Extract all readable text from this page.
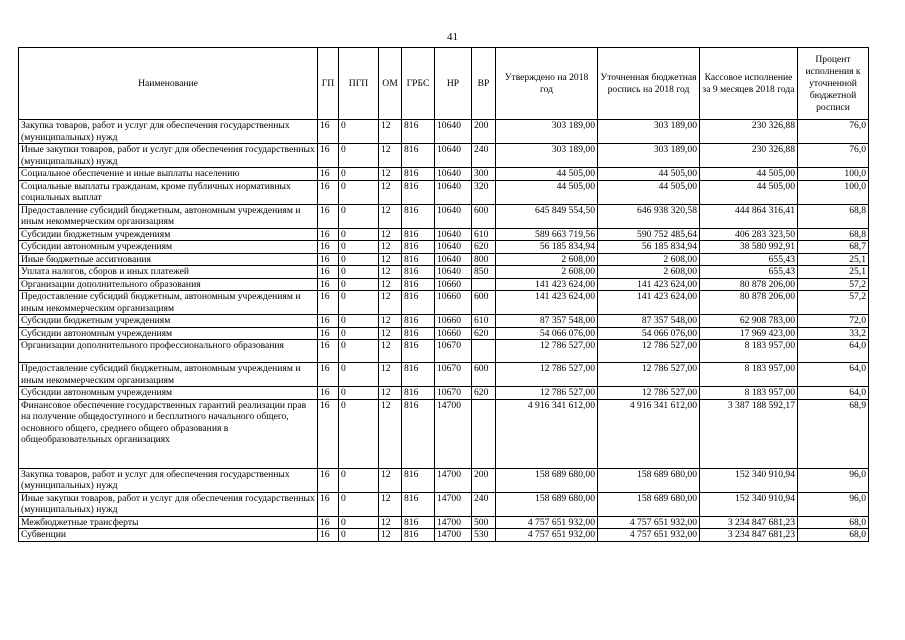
41
Наименование	ГП	ПГП	ОМ	ГРБС	НР	ВР	Утверждено на 2018 год	Уточненная бюджетная роспись на 2018 год	Кассовое исполнение за 9 месяцев 2018 года	Процент исполнения к уточненной бюджетной росписи
Закупка товаров, работ и услуг для обеспечения государственных (муниципальных) нужд	16	0	12	816	10640	200	303 189,00	303 189,00	230 326,88	76,0
Иные закупки товаров, работ и услуг для обеспечения государственных (муниципальных) нужд	16	0	12	816	10640	240	303 189,00	303 189,00	230 326,88	76,0
Социальное обеспечение и иные выплаты населению	16	0	12	816	10640	300	44 505,00	44 505,00	44 505,00	100,0
Социальные выплаты гражданам, кроме публичных нормативных социальных выплат	16	0	12	816	10640	320	44 505,00	44 505,00	44 505,00	100,0
Предоставление субсидий бюджетным, автономным учреждениям и иным некоммерческим организациям	16	0	12	816	10640	600	645 849 554,50	646 938 320,58	444 864 316,41	68,8
Субсидии бюджетным учреждениям	16	0	12	816	10640	610	589 663 719,56	590 752 485,64	406 283 323,50	68,8
Субсидии автономным учреждениям	16	0	12	816	10640	620	56 185 834,94	56 185 834,94	38 580 992,91	68,7
Иные бюджетные ассигнования	16	0	12	816	10640	800	2 608,00	2 608,00	655,43	25,1
Уплата налогов, сборов и иных платежей	16	0	12	816	10640	850	2 608,00	2 608,00	655,43	25,1
Организации дополнительного образования	16	0	12	816	10660		141 423 624,00	141 423 624,00	80 878 206,00	57,2
Предоставление субсидий бюджетным, автономным учреждениям и иным некоммерческим организациям	16	0	12	816	10660	600	141 423 624,00	141 423 624,00	80 878 206,00	57,2
Субсидии бюджетным учреждениям	16	0	12	816	10660	610	87 357 548,00	87 357 548,00	62 908 783,00	72,0
Субсидии автономным учреждениям	16	0	12	816	10660	620	54 066 076,00	54 066 076,00	17 969 423,00	33,2
Организации дополнительного профессионального образования	16	0	12	816	10670		12 786 527,00	12 786 527,00	8 183 957,00	64,0
Предоставление субсидий бюджетным, автономным учреждениям и иным некоммерческим организациям	16	0	12	816	10670	600	12 786 527,00	12 786 527,00	8 183 957,00	64,0
Субсидии автономным учреждениям	16	0	12	816	10670	620	12 786 527,00	12 786 527,00	8 183 957,00	64,0
Финансовое обеспечение государственных гарантий реализации прав на получение общедоступного и бесплатного начального общего, основного общего, среднего общего образования в общеобразовательных организациях	16	0	12	816	14700		4 916 341 612,00	4 916 341 612,00	3 387 188 592,17	68,9
Закупка товаров, работ и услуг для обеспечения государственных (муниципальных) нужд	16	0	12	816	14700	200	158 689 680,00	158 689 680,00	152 340 910,94	96,0
Иные закупки товаров, работ и услуг для обеспечения государственных (муниципальных) нужд	16	0	12	816	14700	240	158 689 680,00	158 689 680,00	152 340 910,94	96,0
Межбюджетные трансферты	16	0	12	816	14700	500	4 757 651 932,00	4 757 651 932,00	3 234 847 681,23	68,0
Субвенции	16	0	12	816	14700	530	4 757 651 932,00	4 757 651 932,00	3 234 847 681,23	68,0
